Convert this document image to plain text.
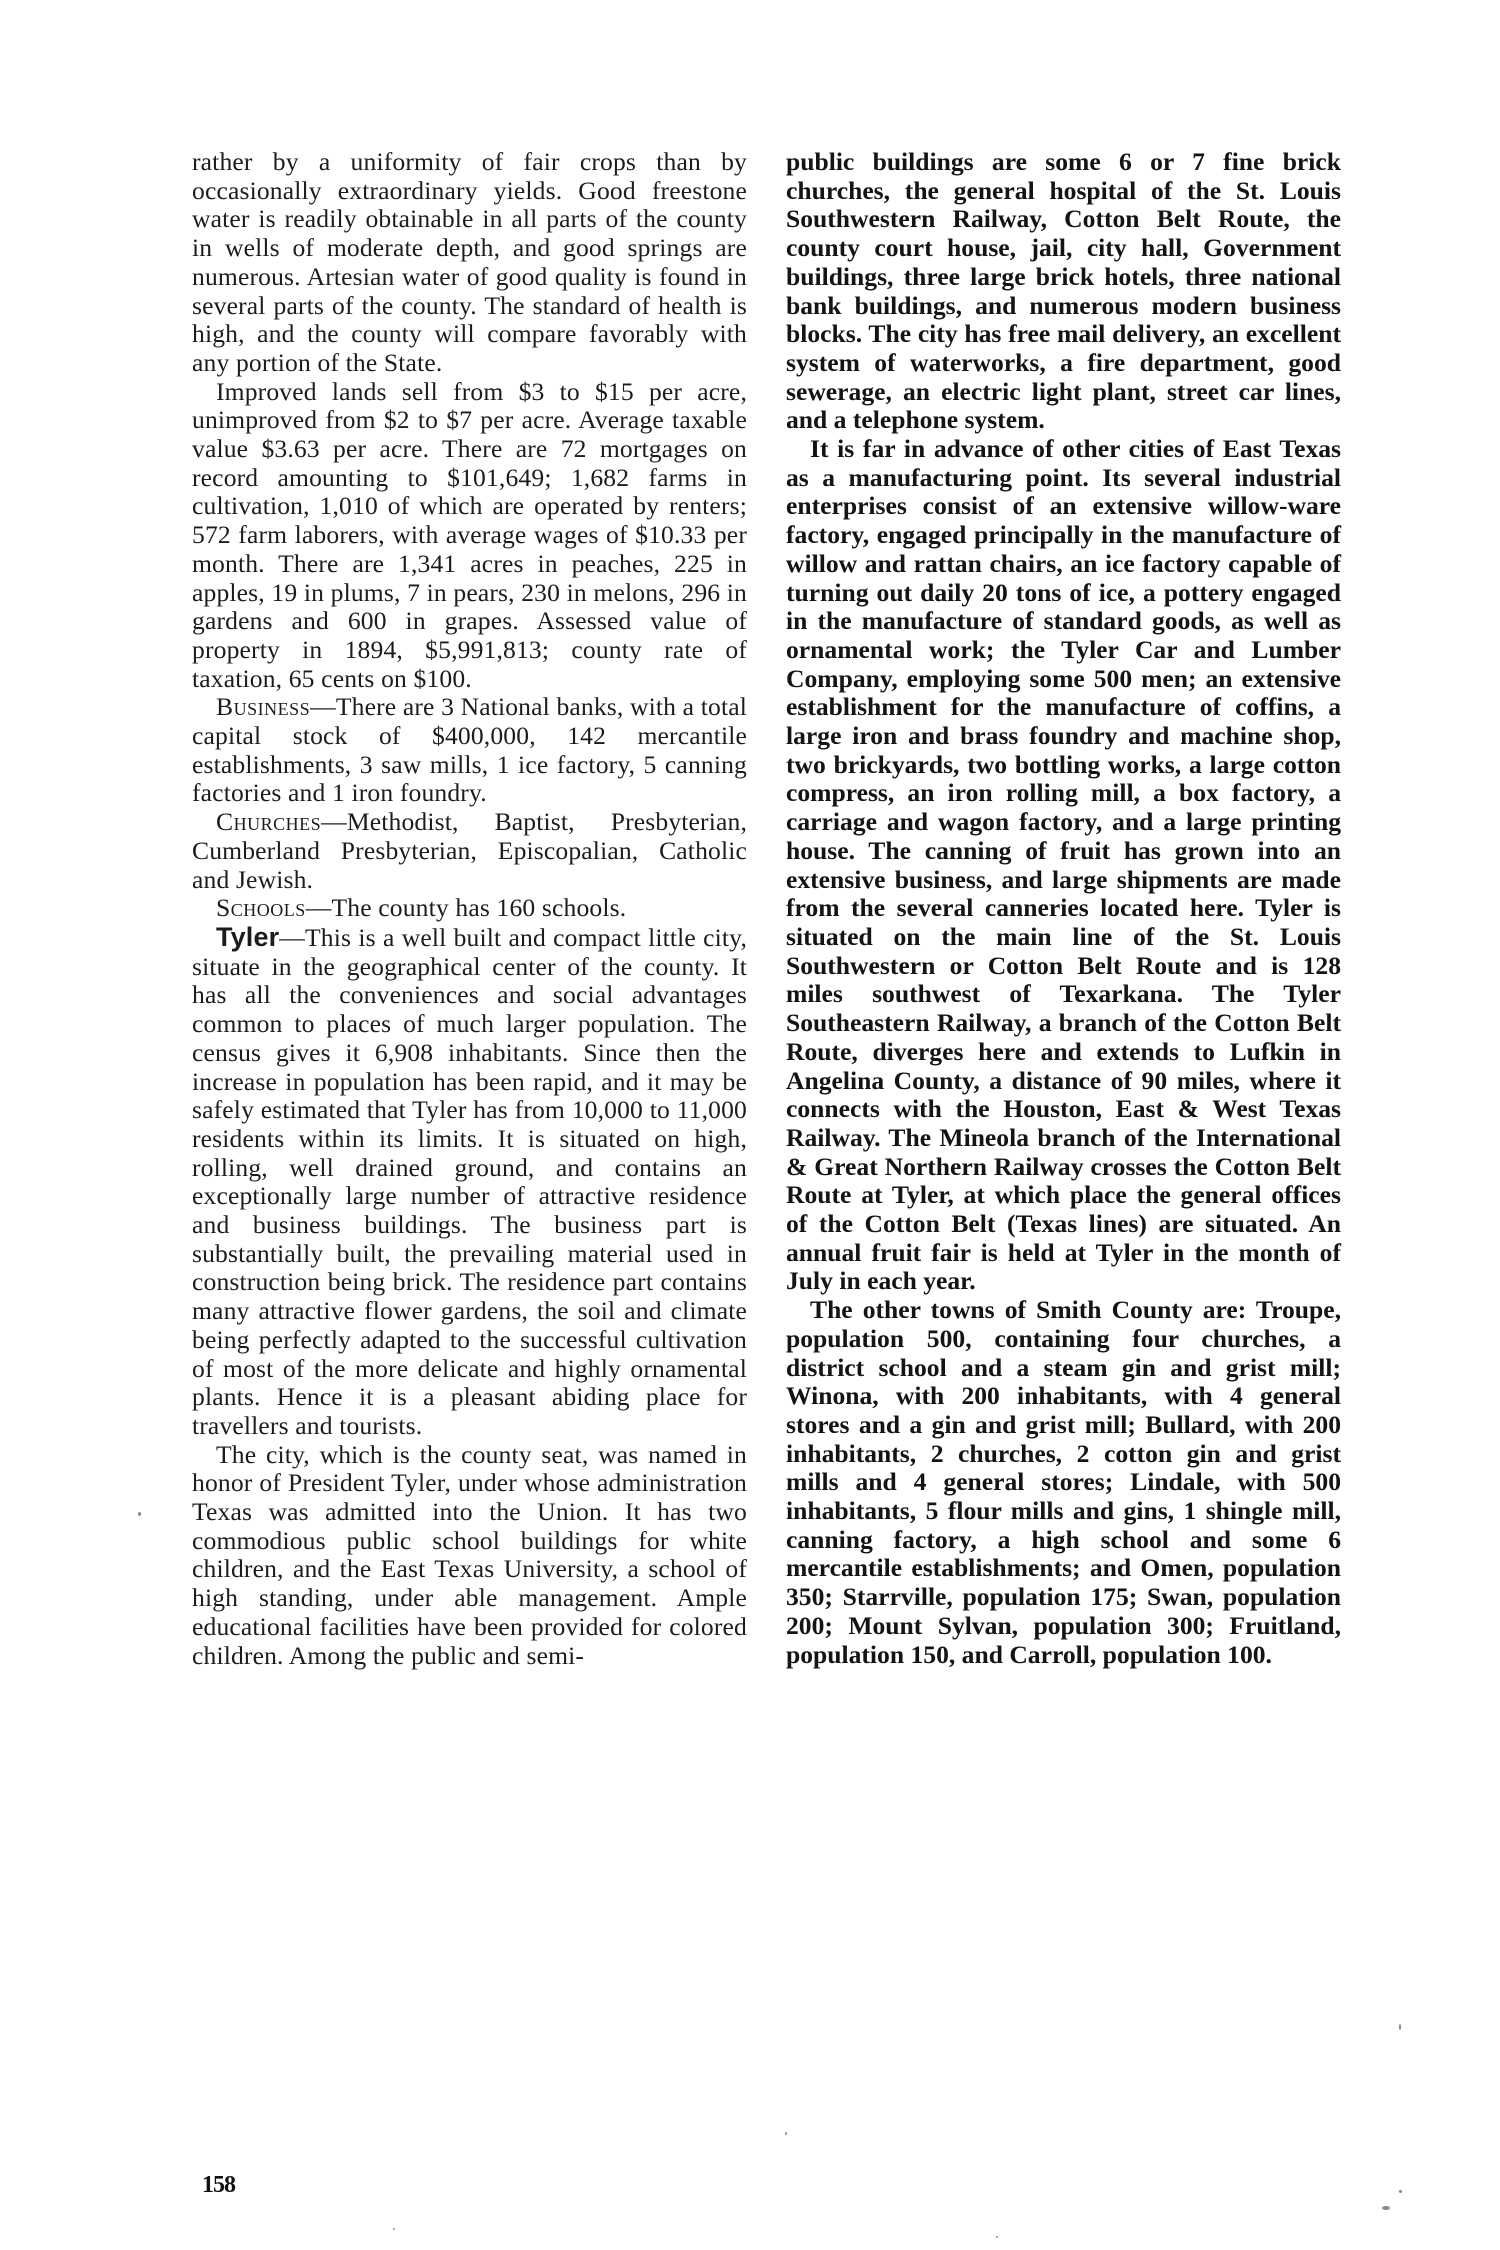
rather by a uniformity of fair crops than by occasionally extraordinary yields. Good freestone water is readily obtainable in all parts of the county in wells of moderate depth, and good springs are numerous. Artesian water of good quality is found in several parts of the county. The standard of health is high, and the county will compare favorably with any portion of the State.

Improved lands sell from $3 to $15 per acre, unimproved from $2 to $7 per acre. Average taxable value $3.63 per acre. There are 72 mortgages on record amounting to $101,649; 1,682 farms in cultivation, 1,010 of which are operated by renters; 572 farm laborers, with average wages of $10.33 per month. There are 1,341 acres in peaches, 225 in apples, 19 in plums, 7 in pears, 230 in melons, 296 in gardens and 600 in grapes. Assessed value of property in 1894, $5,991,813; county rate of taxation, 65 cents on $100.

Business—There are 3 National banks, with a total capital stock of $400,000, 142 mercantile establishments, 3 saw mills, 1 ice factory, 5 canning factories and 1 iron foundry.

Churches—Methodist, Baptist, Presbyterian, Cumberland Presbyterian, Episcopalian, Catholic and Jewish.

Schools—The county has 160 schools.

Tyler—This is a well built and compact little city, situate in the geographical center of the county. It has all the conveniences and social advantages common to places of much larger population. The census gives it 6,908 inhabitants. Since then the increase in population has been rapid, and it may be safely estimated that Tyler has from 10,000 to 11,000 residents within its limits. It is situated on high, rolling, well drained ground, and contains an exceptionally large number of attractive residence and business buildings. The business part is substantially built, the prevailing material used in construction being brick. The residence part contains many attractive flower gardens, the soil and climate being perfectly adapted to the successful cultivation of most of the more delicate and highly ornamental plants. Hence it is a pleasant abiding place for travellers and tourists.

The city, which is the county seat, was named in honor of President Tyler, under whose administration Texas was admitted into the Union. It has two commodious public school buildings for white children, and the East Texas University, a school of high standing, under able management. Ample educational facilities have been provided for colored children. Among the public and semi-

public buildings are some 6 or 7 fine brick churches, the general hospital of the St. Louis Southwestern Railway, Cotton Belt Route, the county court house, jail, city hall, Government buildings, three large brick hotels, three national bank buildings, and numerous modern business blocks. The city has free mail delivery, an excellent system of waterworks, a fire department, good sewerage, an electric light plant, street car lines, and a telephone system.

It is far in advance of other cities of East Texas as a manufacturing point. Its several industrial enterprises consist of an extensive willow-ware factory, engaged principally in the manufacture of willow and rattan chairs, an ice factory capable of turning out daily 20 tons of ice, a pottery engaged in the manufacture of standard goods, as well as ornamental work; the Tyler Car and Lumber Company, employing some 500 men; an extensive establishment for the manufacture of coffins, a large iron and brass foundry and machine shop, two brickyards, two bottling works, a large cotton compress, an iron rolling mill, a box factory, a carriage and wagon factory, and a large printing house. The canning of fruit has grown into an extensive business, and large shipments are made from the several canneries located here. Tyler is situated on the main line of the St. Louis Southwestern or Cotton Belt Route and is 128 miles southwest of Texarkana. The Tyler Southeastern Railway, a branch of the Cotton Belt Route, diverges here and extends to Lufkin in Angelina County, a distance of 90 miles, where it connects with the Houston, East & West Texas Railway. The Mineola branch of the International & Great Northern Railway crosses the Cotton Belt Route at Tyler, at which place the general offices of the Cotton Belt (Texas lines) are situated. An annual fruit fair is held at Tyler in the month of July in each year.

The other towns of Smith County are: Troupe, population 500, containing four churches, a district school and a steam gin and grist mill; Winona, with 200 inhabitants, with 4 general stores and a gin and grist mill; Bullard, with 200 inhabitants, 2 churches, 2 cotton gin and grist mills and 4 general stores; Lindale, with 500 inhabitants, 5 flour mills and gins, 1 shingle mill, canning factory, a high school and some 6 mercantile establishments; and Omen, population 350; Starrville, population 175; Swan, population 200; Mount Sylvan, population 300; Fruitland, population 150, and Carroll, population 100.

158
